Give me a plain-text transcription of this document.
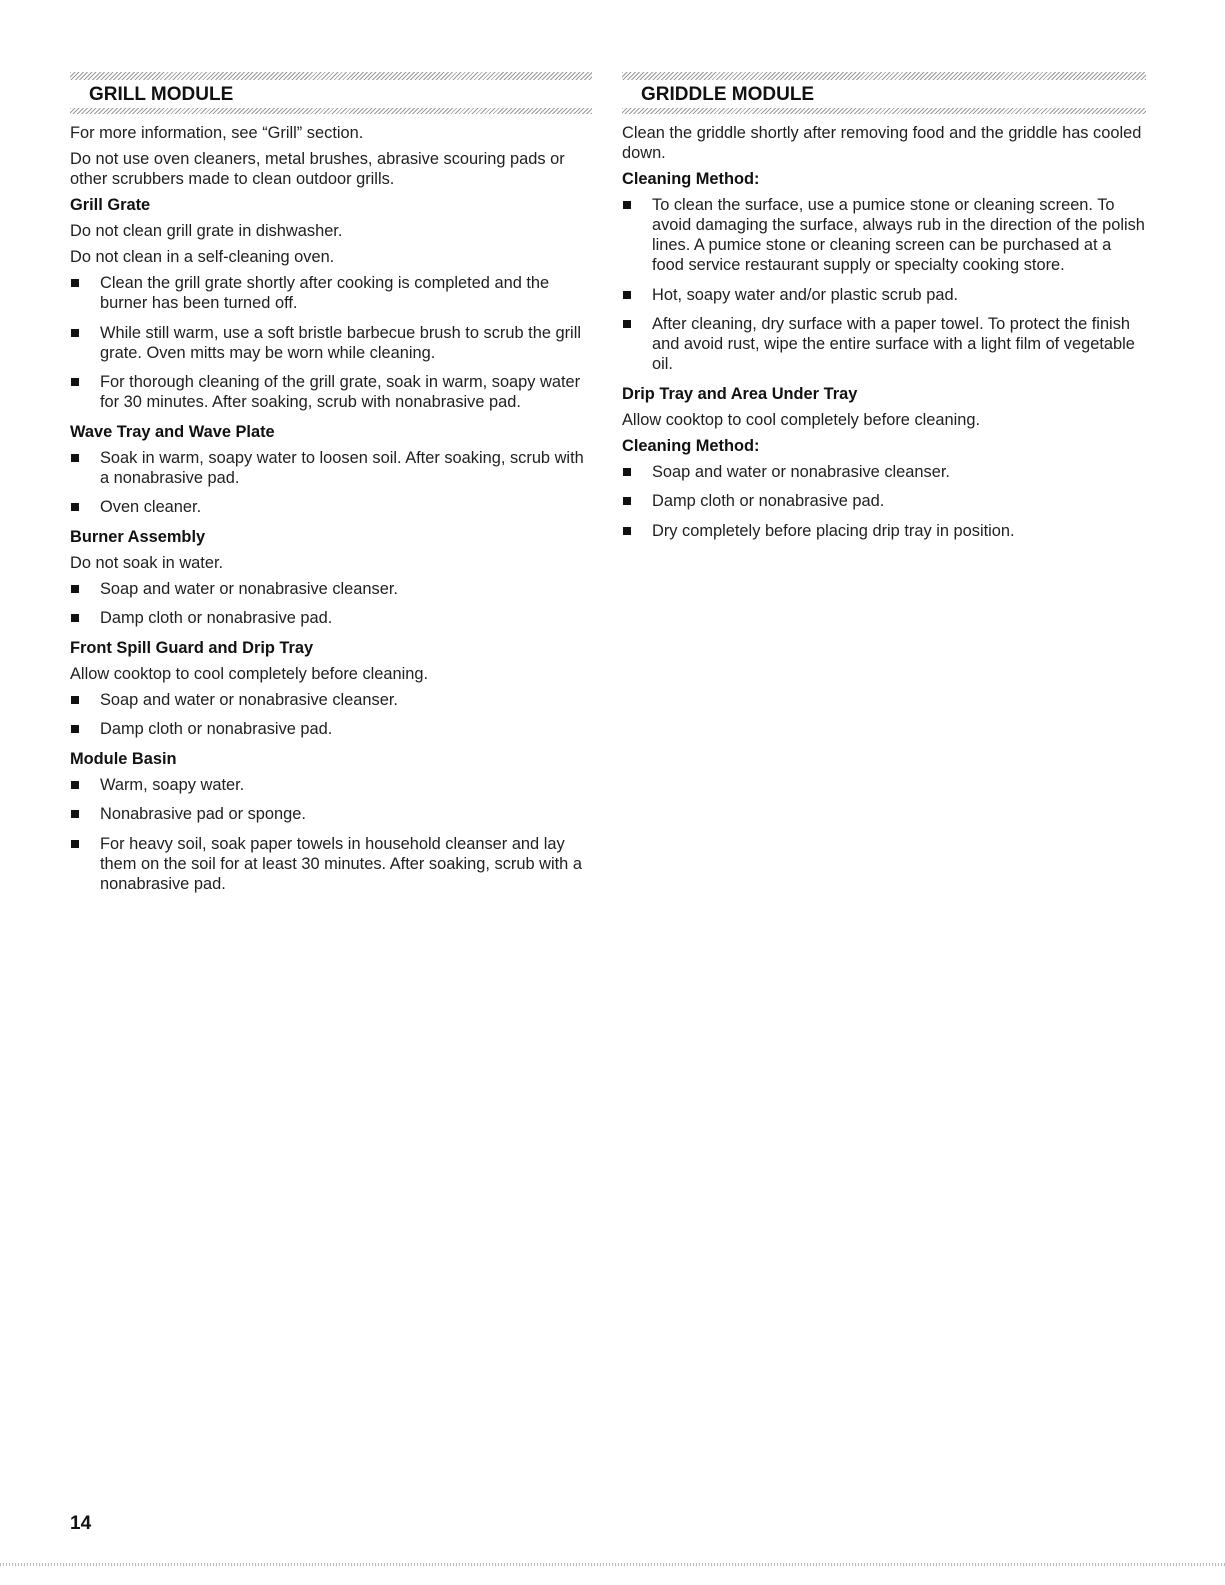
GRILL MODULE

For more information, see “Grill” section.

Do not use oven cleaners, metal brushes, abrasive scouring pads or other scrubbers made to clean outdoor grills.

Grill Grate

Do not clean grill grate in dishwasher.

Do not clean in a self-cleaning oven.

Clean the grill grate shortly after cooking is completed and the burner has been turned off.
While still warm, use a soft bristle barbecue brush to scrub the grill grate. Oven mitts may be worn while cleaning.
For thorough cleaning of the grill grate, soak in warm, soapy water for 30 minutes. After soaking, scrub with nonabrasive pad.
Wave Tray and Wave Plate
Soak in warm, soapy water to loosen soil. After soaking, scrub with a nonabrasive pad.
Oven cleaner.
Burner Assembly

Do not soak in water.

Soap and water or nonabrasive cleanser.
Damp cloth or nonabrasive pad.
Front Spill Guard and Drip Tray

Allow cooktop to cool completely before cleaning.

Soap and water or nonabrasive cleanser.
Damp cloth or nonabrasive pad.
Module Basin
Warm, soapy water.
Nonabrasive pad or sponge.
For heavy soil, soak paper towels in household cleanser and lay them on the soil for at least 30 minutes. After soaking, scrub with a nonabrasive pad.
GRIDDLE MODULE

Clean the griddle shortly after removing food and the griddle has cooled down.

Cleaning Method:
To clean the surface, use a pumice stone or cleaning screen. To avoid damaging the surface, always rub in the direction of the polish lines. A pumice stone or cleaning screen can be purchased at a food service restaurant supply or specialty cooking store.
Hot, soapy water and/or plastic scrub pad.
After cleaning, dry surface with a paper towel. To protect the finish and avoid rust, wipe the entire surface with a light film of vegetable oil.
Drip Tray and Area Under Tray

Allow cooktop to cool completely before cleaning.

Cleaning Method:
Soap and water or nonabrasive cleanser.
Damp cloth or nonabrasive pad.
Dry completely before placing drip tray in position.
14
